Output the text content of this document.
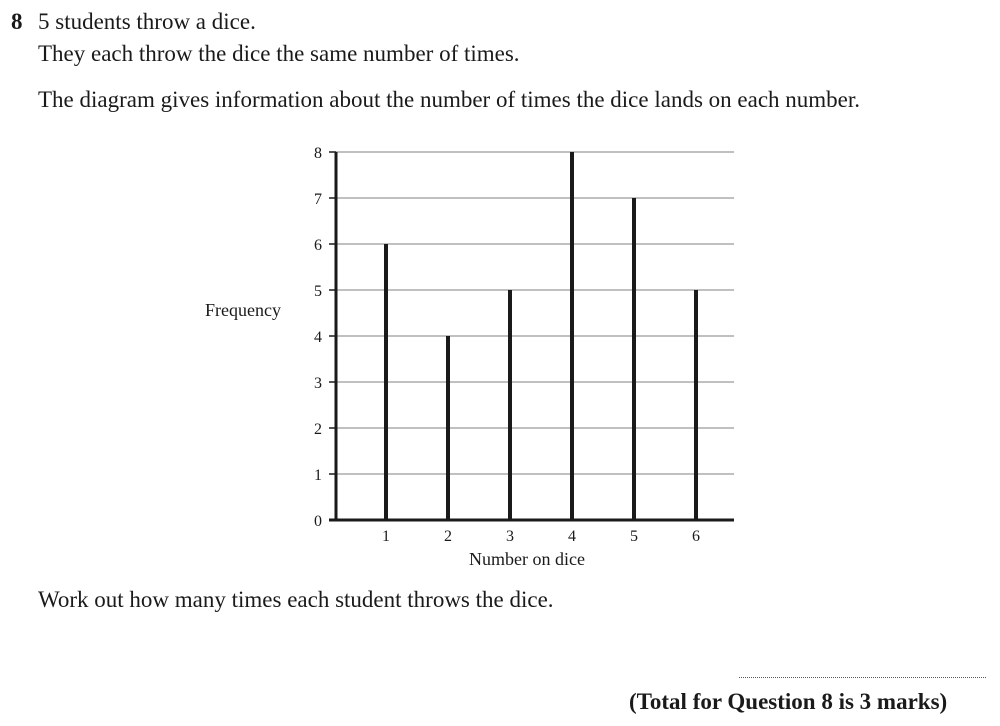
8 5 students throw a dice.
They each throw the dice the same number of times.
The diagram gives information about the number of times the dice lands on each number.
Frequency
Number on dice
0
1
2
3
4
5
6
7
8
1	2	3	4	5	6
Work out how many times each student throws the dice.
(Total for Question 8 is 3 marks)
